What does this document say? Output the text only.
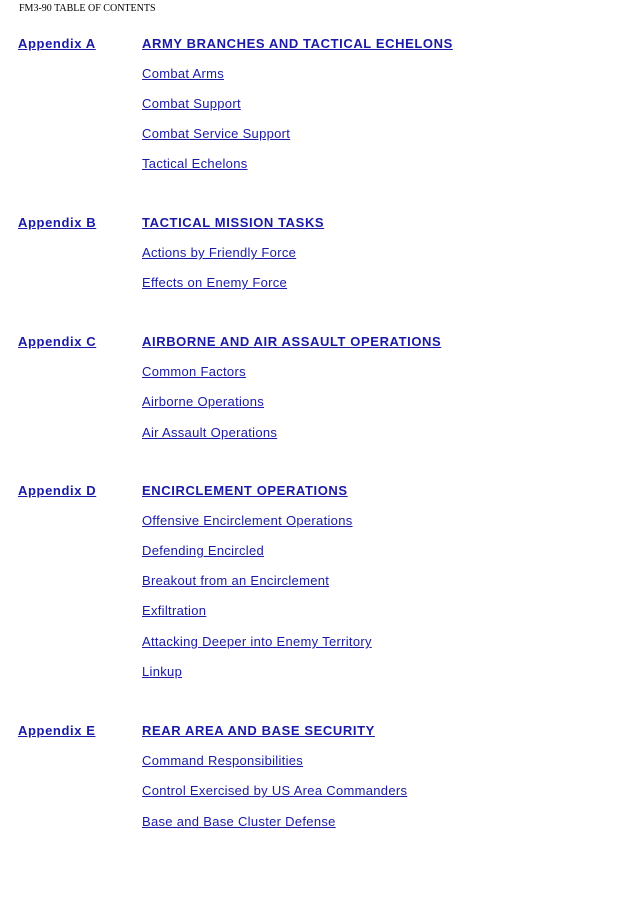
FM3-90 TABLE OF CONTENTS
Appendix A	ARMY BRANCHES AND TACTICAL ECHELONS
Combat Arms
Combat Support
Combat Service Support
Tactical Echelons
Appendix B	TACTICAL MISSION TASKS
Actions by Friendly Force
Effects on Enemy Force
Appendix C	AIRBORNE AND AIR ASSAULT OPERATIONS
Common Factors
Airborne Operations
Air Assault Operations
Appendix D	ENCIRCLEMENT OPERATIONS
Offensive Encirclement Operations
Defending Encircled
Breakout from an Encirclement
Exfiltration
Attacking Deeper into Enemy Territory
Linkup
Appendix E	REAR AREA AND BASE SECURITY
Command Responsibilities
Control Exercised by US Area Commanders
Base and Base Cluster Defense
